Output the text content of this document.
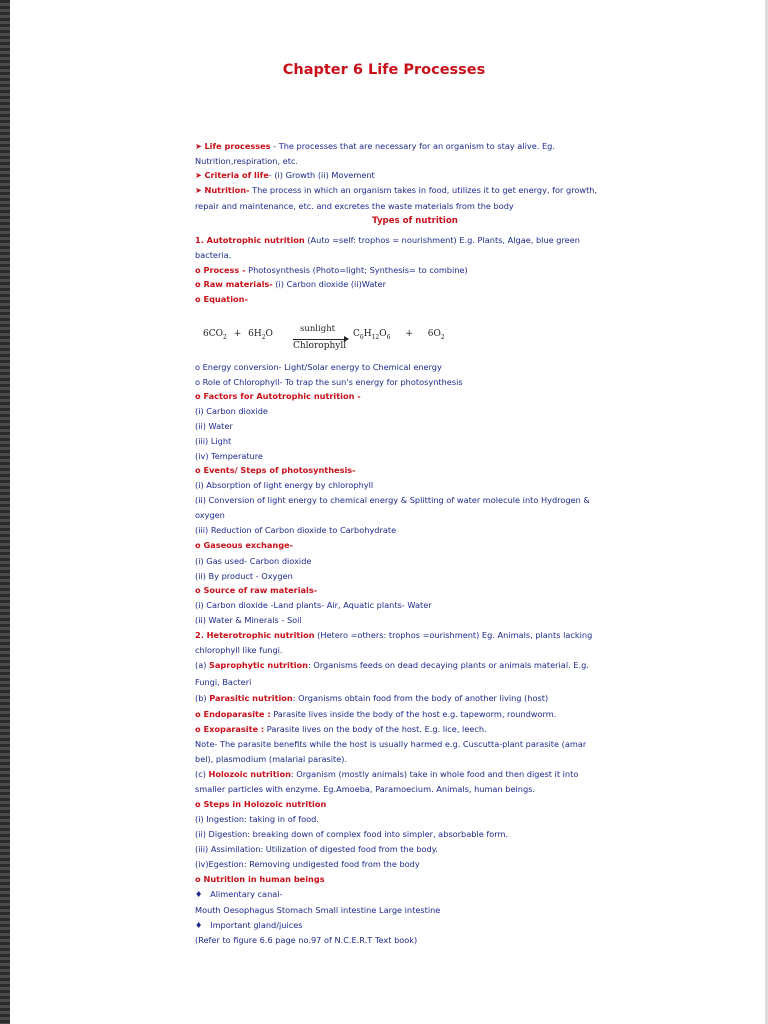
Chapter 6 Life Processes
➤ Life processes - The processes that are necessary for an organism to stay alive. Eg.
Nutrition,respiration, etc.
➤ Criteria of life- (i) Growth (ii) Movement
➤ Nutrition- The process in which an organism takes in food, utilizes it to get energy, for growth,
repair and maintenance, etc. and excretes the waste materials from the body
Types of nutrition
1. Autotrophic nutrition (Auto =self: trophos = nourishment) E.g. Plants, Algae, blue green
bacteria.
o Process - Photosynthesis (Photo=light; Synthesis= to combine)
o Raw materials- (i) Carbon dioxide (ii)Water
o Equation-
$6CO_2 + 6H_2O$	sunlight
Chlorophyll
$C_6H_{12}O_6 + 6O_2$
o Energy conversion- Light/Solar energy to Chemical energy
o Role of Chlorophyll- To trap the sun's energy for photosynthesis
o Factors for Autotrophic nutrition -
(i) Carbon dioxide
(ii) Water
(iii) Light
(iv) Temperature
o Events/ Steps of photosynthesis-
(i) Absorption of light energy by chlorophyll
(ii) Conversion of light energy to chemical energy & Splitting of water molecule into Hydrogen &
oxygen
(iii) Reduction of Carbon dioxide to Carbohydrate
o Gaseous exchange-
(i) Gas used- Carbon dioxide
(ii) By product - Oxygen
o Source of raw materials-
(i) Carbon dioxide -Land plants- Air, Aquatic plants- Water
(ii) Water & Minerals - Soil
2. Heterotrophic nutrition (Hetero =others: trophos =ourishment) Eg. Animals, plants lacking
chlorophyll like fungi.
(a) Saprophytic nutrition: Organisms feeds on dead decaying plants or animals material. E.g.
Fungi, Bacteri
(b) Parasitic nutrition: Organisms obtain food from the body of another living (host)
o Endoparasite : Parasite lives inside the body of the host e.g. tapeworm, roundworm.
o Exoparasite : Parasite lives on the body of the host. E.g. lice, leech.
Note- The parasite benefits while the host is usually harmed e.g. Cuscutta-plant parasite (amar
bel), plasmodium (malarial parasite).
(c) Holozoic nutrition: Organism (mostly animals) take in whole food and then digest it into
smaller particles with enzyme. Eg.Amoeba, Paramoecium. Animals, human beings.
o Steps in Holozoic nutrition
(i) Ingestion: taking in of food.
(ii) Digestion: breaking down of complex food into simpler, absorbable form.
(iii) Assimilation: Utilization of digested food from the body.
(iv)Egestion: Removing undigested food from the body
o Nutrition in human beings
♦ Alimentary canal-
Mouth Oesophagus Stomach Small intestine Large intestine
♦ Important gland/juices
(Refer to figure 6.6 page no.97 of N.C.E.R.T Text book)
